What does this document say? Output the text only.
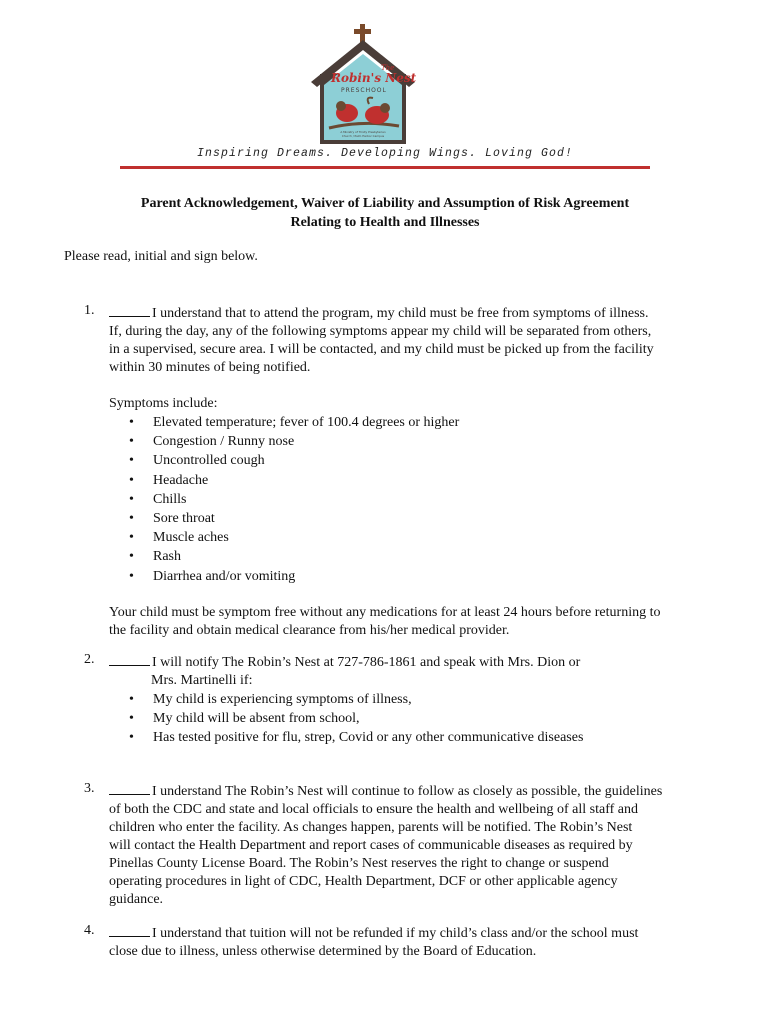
The
Robin's Nest
PRESCHOOL
A Ministry of Trinity Presbyterian
Church / Palm Harbor Campus
Inspiring Dreams. Developing Wings. Loving God!
Parent Acknowledgement, Waiver of Liability and Assumption of Risk Agreement
Relating to Health and Illnesses
Please read, initial and sign below.
1.	I understand that to attend the program, my child must be free from symptoms of illness.

If, during the day, any of the following symptoms appear my child will be separated from others,

in a supervised, secure area. I will be contacted, and my child must be picked up from the facility

within 30 minutes of being notified.

Symptoms include:

• Elevated temperature; fever of 100.4 degrees or higher
• Congestion / Runny nose
• Uncontrolled cough
• Headache
• Chills
• Sore throat
• Muscle aches
• Rash
• Diarrhea and/or vomiting

Your child must be symptom free without any medications for at least 24 hours before returning to

the facility and obtain medical clearance from his/her medical provider.

2.	I will notify The Robin’s Nest at 727-786-1861 and speak with Mrs. Dion or

Mrs. Martinelli if:

• My child is experiencing symptoms of illness,
• My child will be absent from school,
• Has tested positive for flu, strep, Covid or any other communicative diseases
3.	I understand The Robin’s Nest will continue to follow as closely as possible, the guidelines

of both the CDC and state and local officials to ensure the health and wellbeing of all staff and

children who enter the facility. As changes happen, parents will be notified. The Robin’s Nest

will contact the Health Department and report cases of communicable diseases as required by

Pinellas County License Board. The Robin’s Nest reserves the right to change or suspend

operating procedures in light of CDC, Health Department, DCF or other applicable agency

guidance.

4.	I understand that tuition will not be refunded if my child’s class and/or the school must

close due to illness, unless otherwise determined by the Board of Education.
